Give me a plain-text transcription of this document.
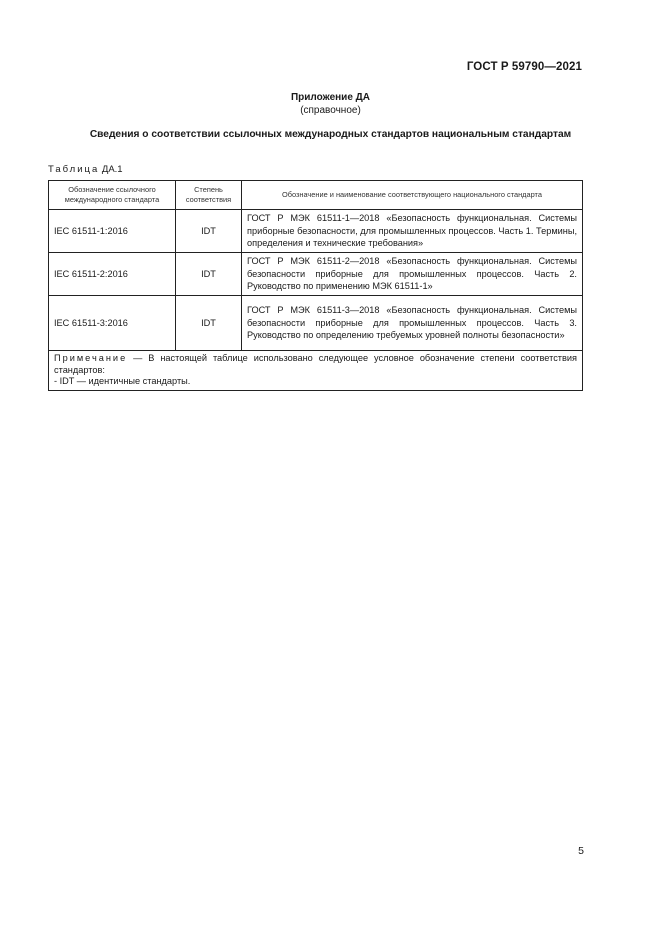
ГОСТ Р 59790—2021
Приложение ДА
(справочное)
Сведения о соответствии ссылочных международных стандартов национальным стандартам
Таблица ДА.1
Обозначение ссылочного международного стандарта	Степень соответствия	Обозначение и наименование соответствующего национального стандарта
IEC 61511-1:2016	IDT	ГОСТ Р МЭК 61511-1—2018 «Безопасность функциональная. Системы приборные безопасности, для промышленных процессов. Часть 1. Термины, определения и технические требования»
IEC 61511-2:2016	IDT	ГОСТ Р МЭК 61511-2—2018 «Безопасность функциональная. Системы безопасности приборные для промышленных процессов. Часть 2. Руководство по применению МЭК 61511-1»
IEC 61511-3:2016	IDT	ГОСТ Р МЭК 61511-3—2018 «Безопасность функциональная. Системы безопасности приборные для промышленных процессов. Часть 3. Руководство по определению требуемых уровней полноты безопасности»
Примечание — В настоящей таблице использовано следующее условное обозначение степени соответствия стандартов:
- IDT — идентичные стандарты.		
5
